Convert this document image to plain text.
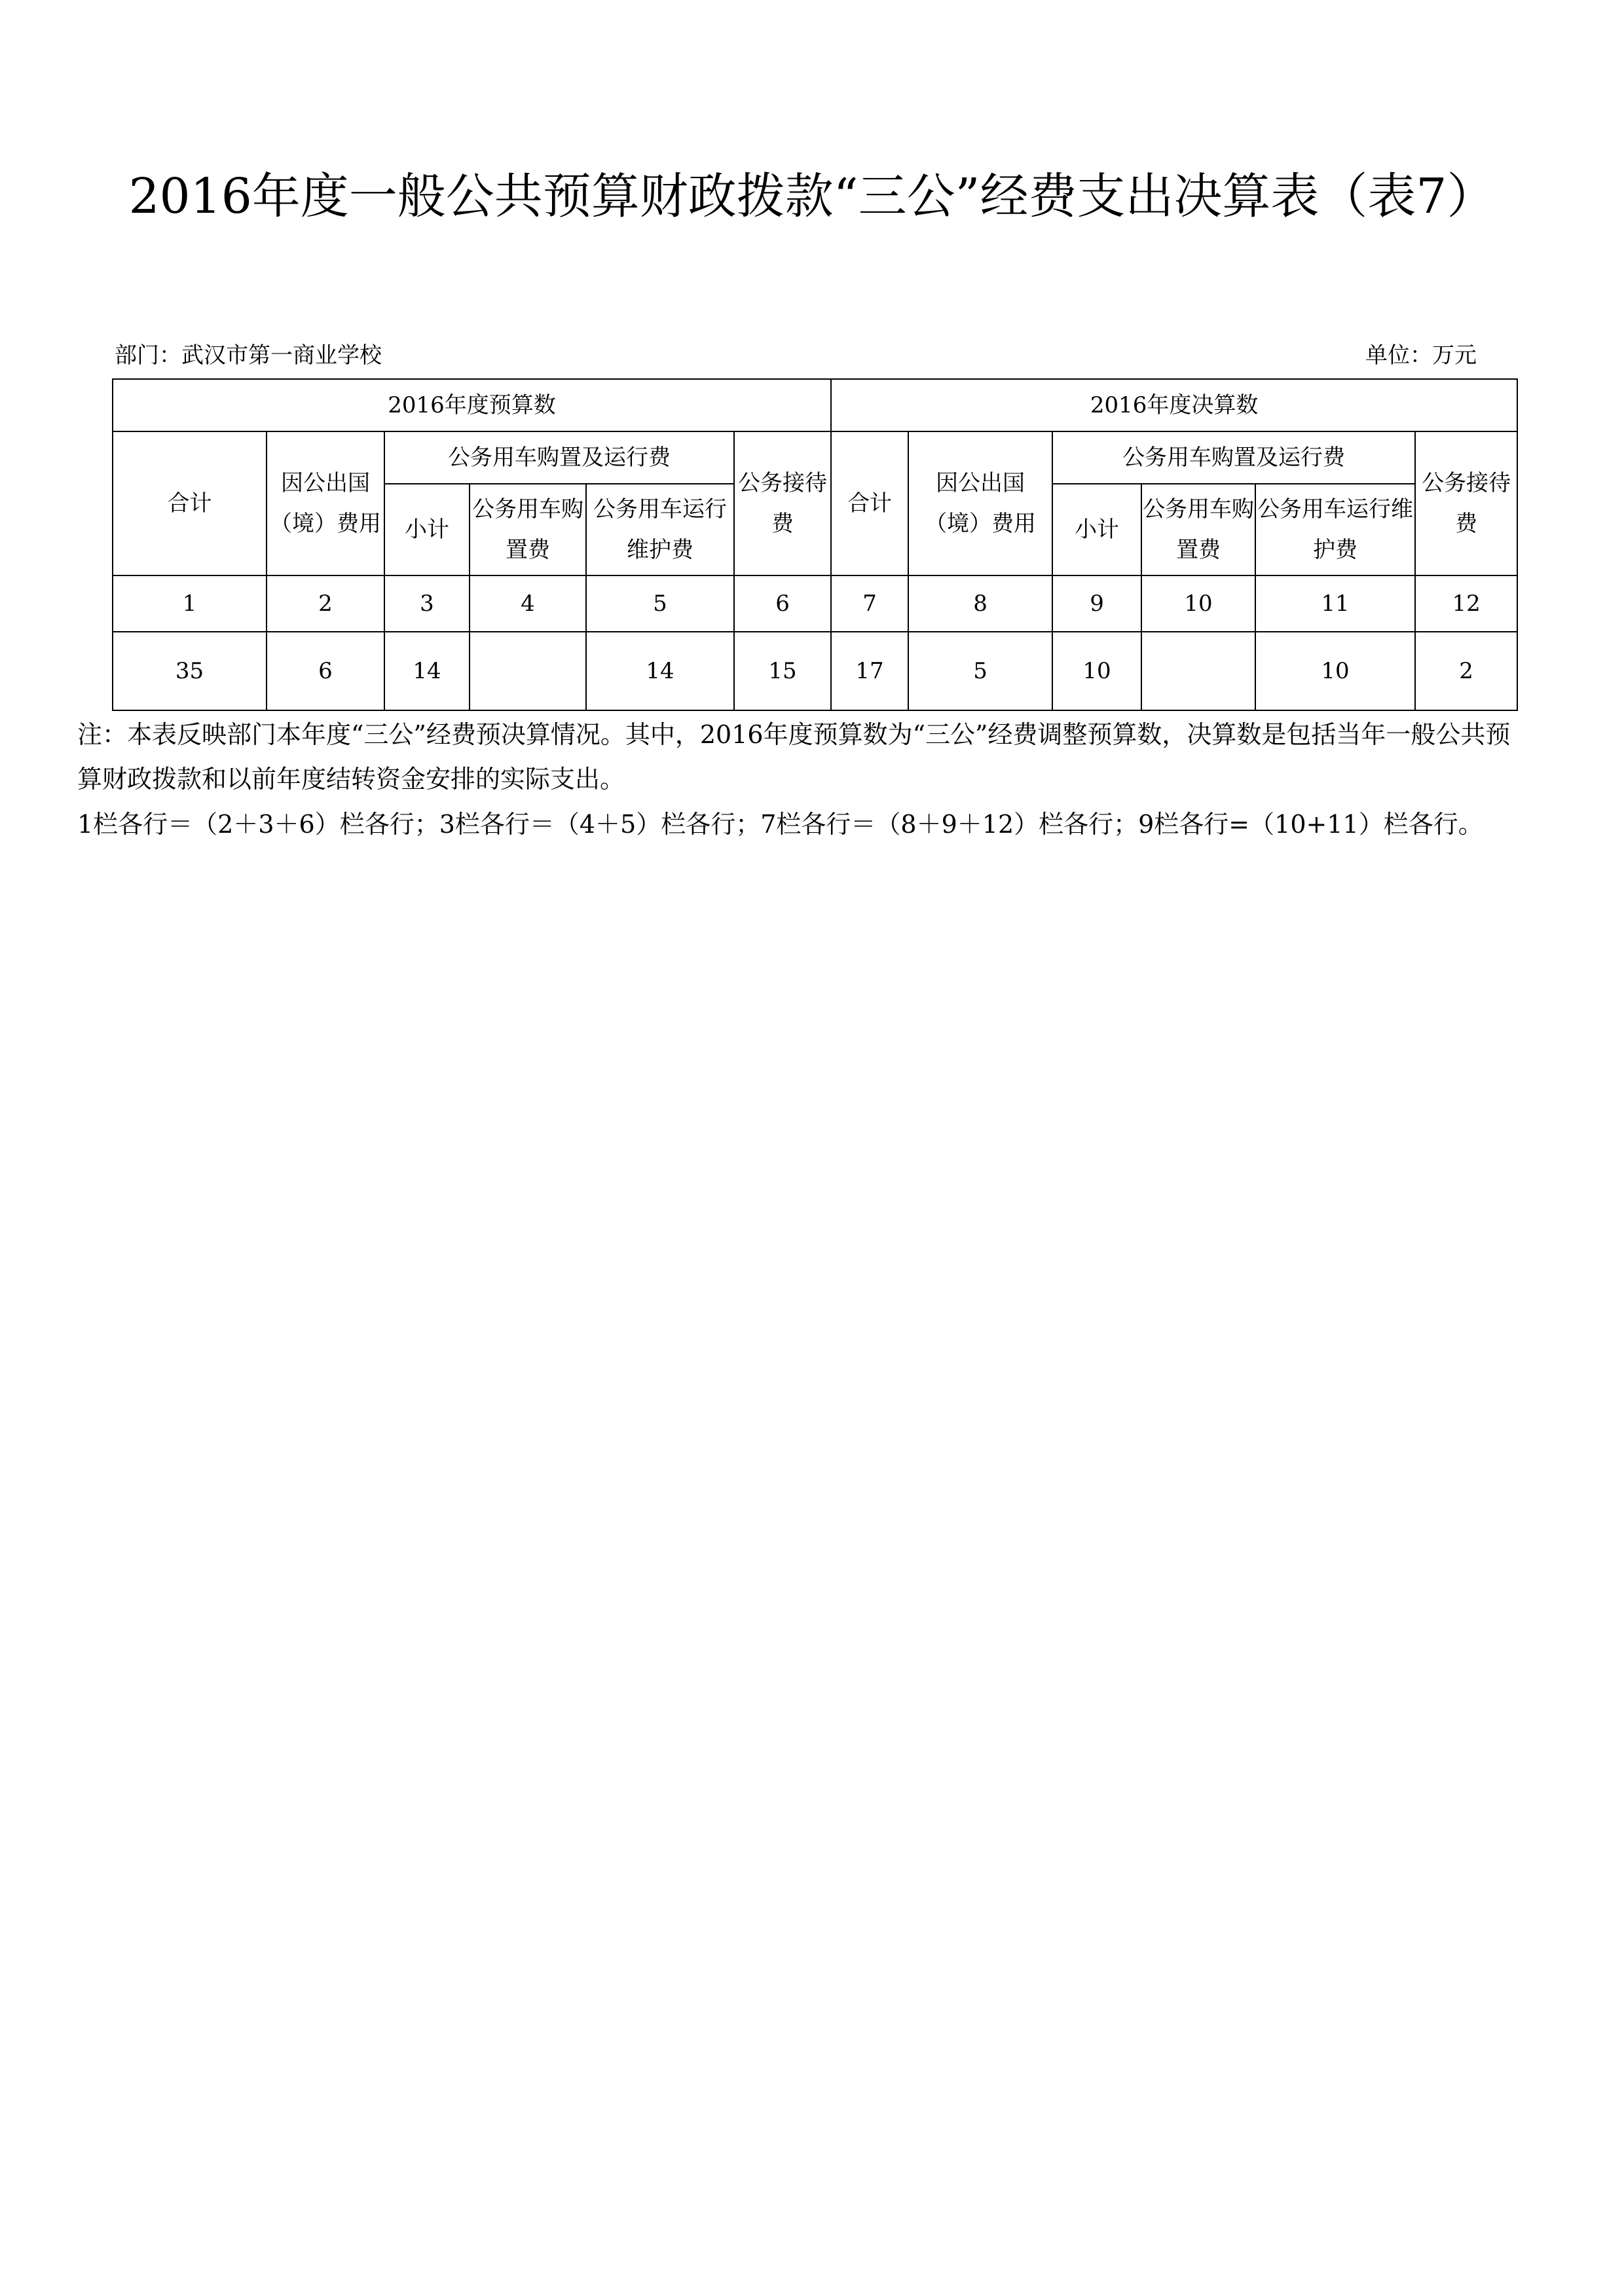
2016年度一般公共预算财政拨款“三公”经费支出决算表（表7）
部门：武汉市第一商业学校	单位：万元
2016年度预算数						2016年度决算数					
合计	因公出国（境）费用	公务用车购置及运行费			公务接待费	合计	因公出国（境）费用	公务用车购置及运行费			公务接待费
		小计	公务用车购置费	公务用车运行维护费				小计	公务用车购置费	公务用车运行维护费	
1	2	3	4	5	6	7	8	9	10	11	12
35	6	14		14	15	17	5	10		10	2
注：本表反映部门本年度“三公”经费预决算情况。其中，2016年度预算数为“三公”经费调整预算数，决算数是包括当年一般公共预算财政拨款和以前年度结转资金安排的实际支出。
1栏各行＝（2＋3＋6）栏各行；3栏各行＝（4＋5）栏各行；7栏各行＝（8＋9＋12）栏各行；9栏各行=（10+11）栏各行。
